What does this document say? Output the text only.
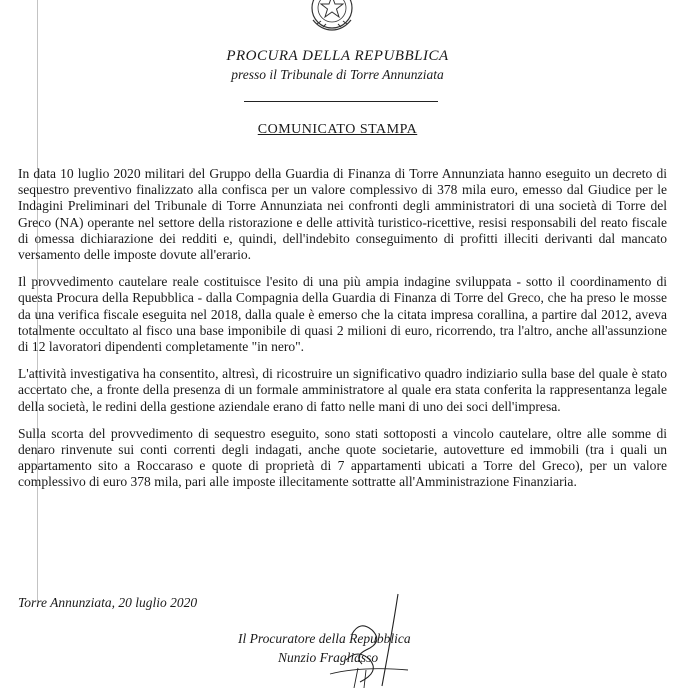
PROCURA DELLA REPUBBLICA
presso il Tribunale di Torre Annunziata
COMUNICATO STAMPA

In data 10 luglio 2020 militari del Gruppo della Guardia di Finanza di Torre Annunziata hanno eseguito un decreto di sequestro preventivo finalizzato alla confisca per un valore complessivo di 378 mila euro, emesso dal Giudice per le Indagini Preliminari del Tribunale di Torre Annunziata nei confronti degli amministratori di una società di Torre del Greco (NA) operante nel settore della ristorazione e delle attività turistico-ricettive, resisi responsabili del reato fiscale di omessa dichiarazione dei redditi e, quindi, dell'indebito conseguimento di profitti illeciti derivanti dal mancato versamento delle imposte dovute all'erario.

Il provvedimento cautelare reale costituisce l'esito di una più ampia indagine sviluppata - sotto il coordinamento di questa Procura della Repubblica - dalla Compagnia della Guardia di Finanza di Torre del Greco, che ha preso le mosse da una verifica fiscale eseguita nel 2018, dalla quale è emerso che la citata impresa corallina, a partire dal 2012, aveva totalmente occultato al fisco una base imponibile di quasi 2 milioni di euro, ricorrendo, tra l'altro, anche all'assunzione di 12 lavoratori dipendenti completamente "in nero".

L'attività investigativa ha consentito, altresì, di ricostruire un significativo quadro indiziario sulla base del quale è stato accertato che, a fronte della presenza di un formale amministratore al quale era stata conferita la rappresentanza legale della società, le redini della gestione aziendale erano di fatto nelle mani di uno dei soci dell'impresa.

Sulla scorta del provvedimento di sequestro eseguito, sono stati sottoposti a vincolo cautelare, oltre alle somme di denaro rinvenute sui conti correnti degli indagati, anche quote societarie, autovetture ed immobili (tra i quali un appartamento sito a Roccaraso e quote di proprietà di 7 appartamenti ubicati a Torre del Greco), per un valore complessivo di euro 378 mila, pari alle imposte illecitamente sottratte all'Amministrazione Finanziaria.

Torre Annunziata, 20 luglio 2020
Il Procuratore della Repubblica
Nunzio Fragliasso
